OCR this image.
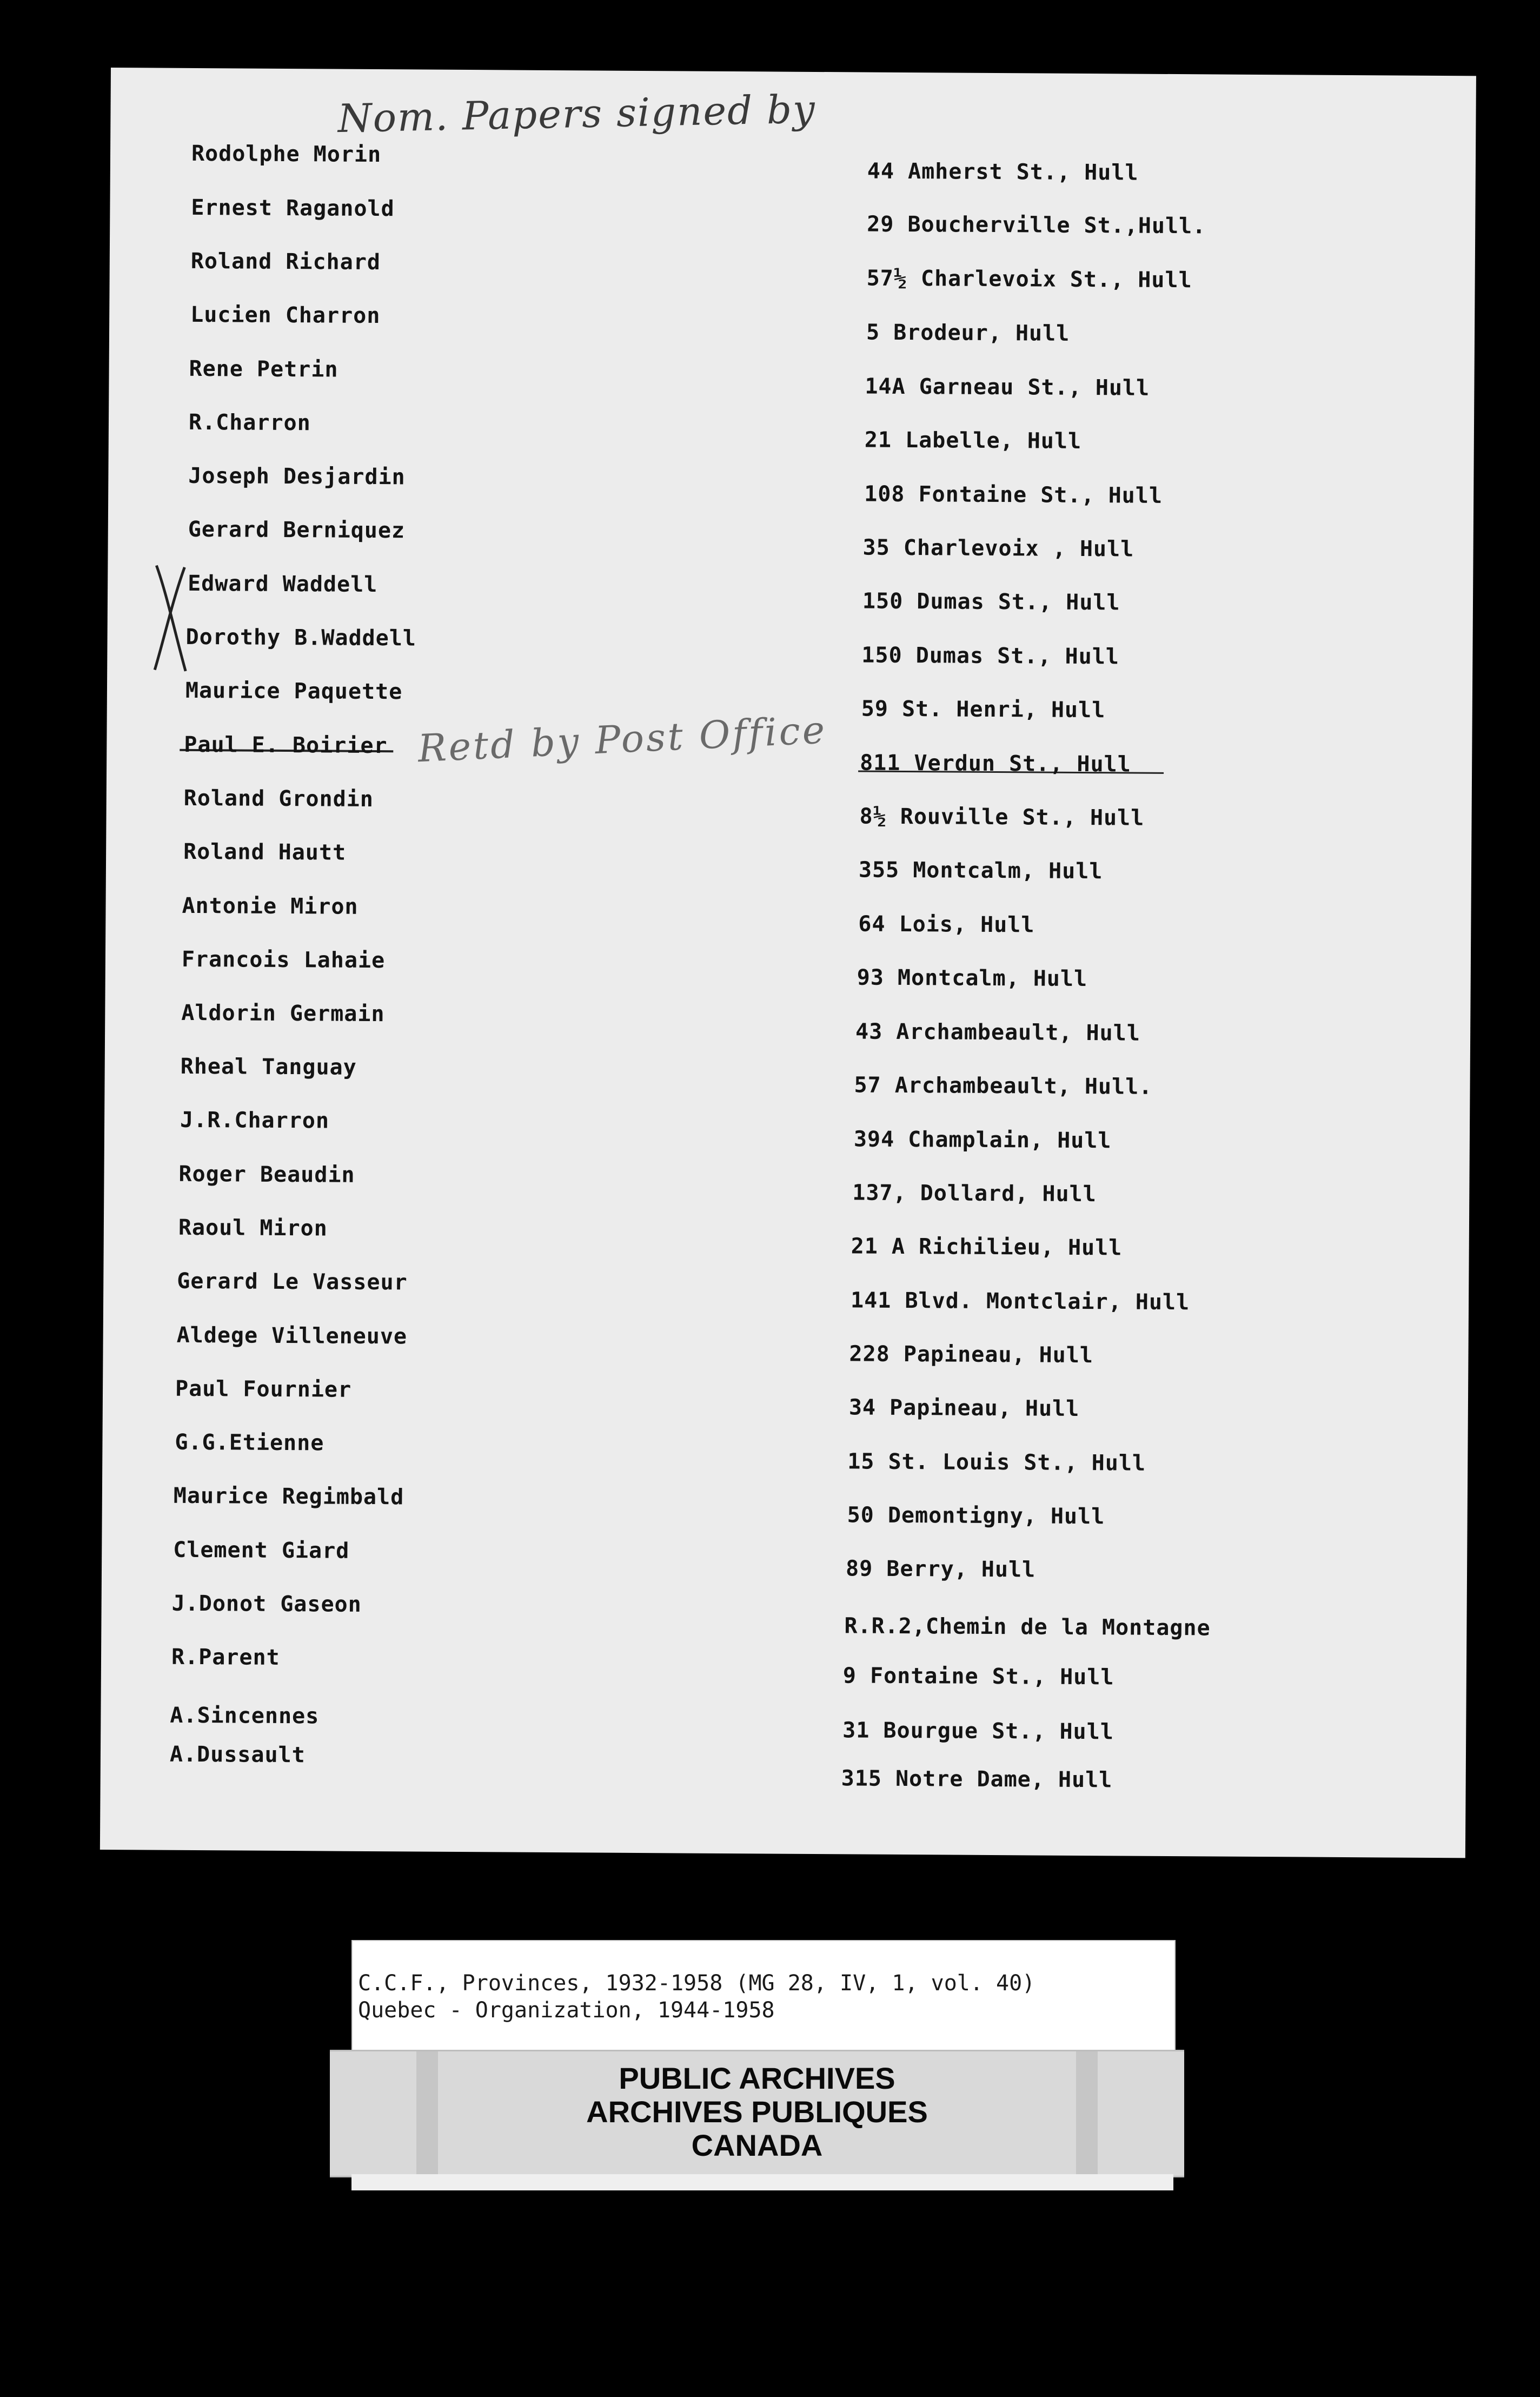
Nom. Papers signed by
Retd by Post Office
Rodolphe Morin
44 Amherst St., Hull
Ernest Raganold
29 Boucherville St.,Hull.
Roland Richard
57½ Charlevoix St., Hull
Lucien Charron
5 Brodeur, Hull
Rene Petrin
14A Garneau St., Hull
R.Charron
21 Labelle, Hull
Joseph Desjardin
108 Fontaine St., Hull
Gerard Berniquez
35 Charlevoix , Hull
Edward Waddell
150 Dumas St., Hull
Dorothy B.Waddell
150 Dumas St., Hull
Maurice Paquette
59 St. Henri, Hull
Paul E. Boirier
811 Verdun St., Hull
Roland Grondin
8½ Rouville St., Hull
Roland Hautt
355 Montcalm, Hull
Antonie Miron
64 Lois, Hull
Francois Lahaie
93 Montcalm, Hull
Aldorin Germain
43 Archambeault, Hull
Rheal Tanguay
57 Archambeault, Hull.
J.R.Charron
394 Champlain, Hull
Roger Beaudin
137, Dollard, Hull
Raoul Miron
21 A Richilieu, Hull
Gerard Le Vasseur
141 Blvd. Montclair, Hull
Aldege Villeneuve
228 Papineau, Hull
Paul Fournier
34 Papineau, Hull
G.G.Etienne
15 St. Louis St., Hull
Maurice Regimbald
50 Demontigny, Hull
Clement Giard
89 Berry, Hull
J.Donot Gaseon
R.R.2,Chemin de la Montagne
R.Parent
9 Fontaine St., Hull
A.Sincennes
31 Bourgue St., Hull
A.Dussault
315 Notre Dame, Hull
C.C.F., Provinces, 1932-1958 (MG 28, IV, 1, vol. 40)
Quebec - Organization, 1944-1958
PUBLIC ARCHIVES
ARCHIVES PUBLIQUES
CANADA
